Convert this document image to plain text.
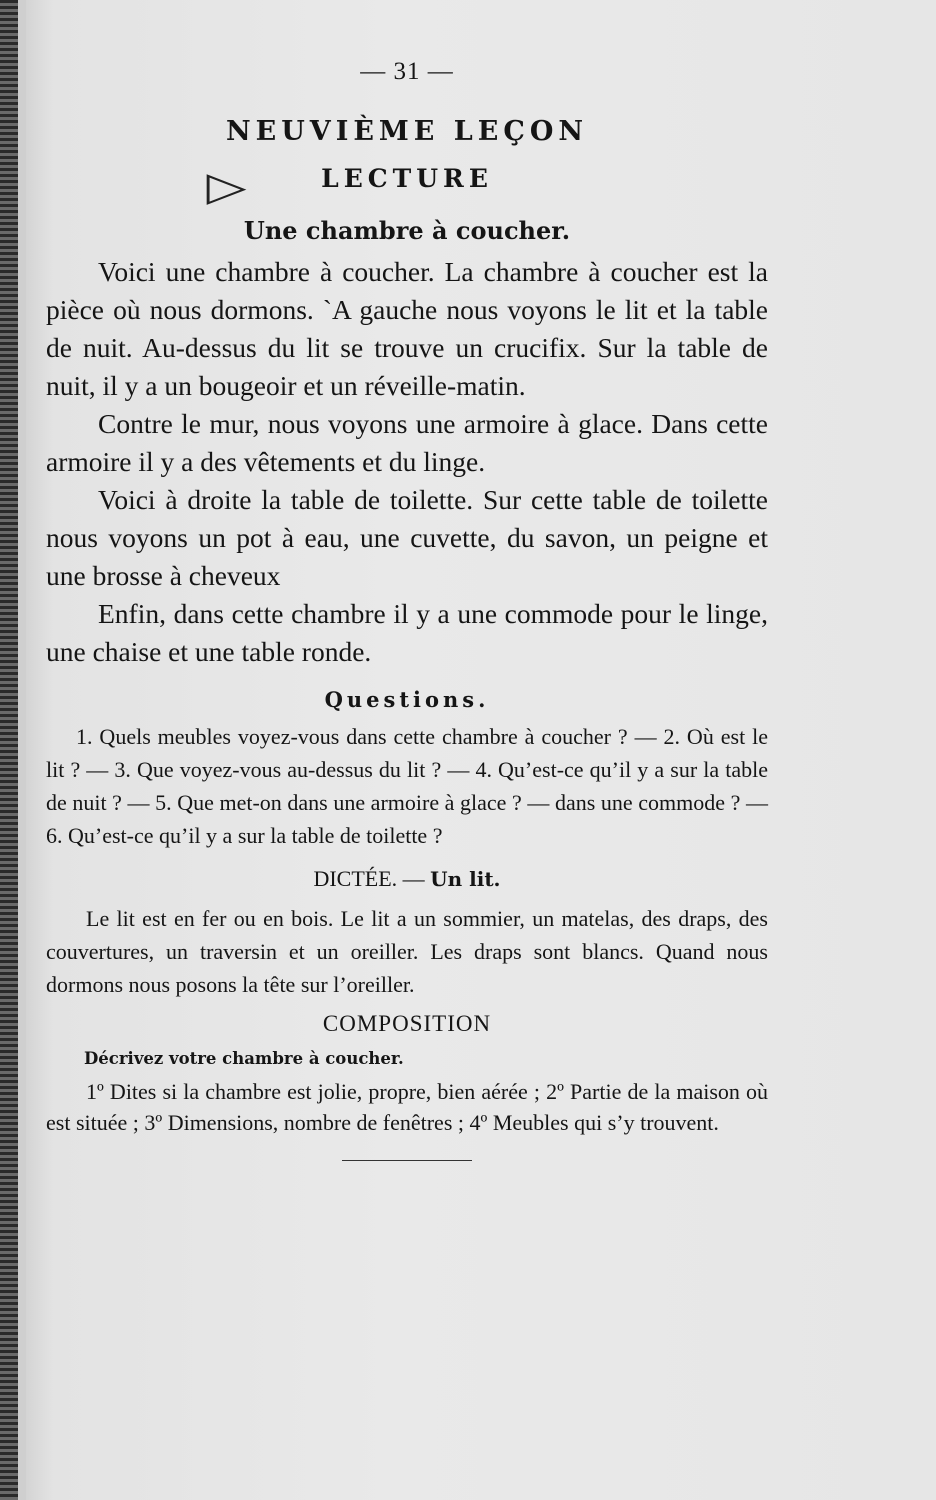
— 31 —

NEUVIÈME LEÇON
▷	LECTURE
Une chambre à coucher.

Voici une chambre à coucher. La chambre à coucher est la pièce où nous dormons. `A gauche nous voyons le lit et la table de nuit. Au-dessus du lit se trouve un crucifix. Sur la table de nuit, il y a un bougeoir et un réveille-matin.

Contre le mur, nous voyons une armoire à glace. Dans cette armoire il y a des vêtements et du linge.

Voici à droite la table de toilette. Sur cette table de toilette nous voyons un pot à eau, une cuvette, du savon, un peigne et une brosse à cheveux

Enfin, dans cette chambre il y a une commode pour le linge, une chaise et une table ronde.

Questions.

1. Quels meubles voyez-vous dans cette chambre à coucher ? — 2. Où est le lit ? — 3. Que voyez-vous au-dessus du lit ? — 4. Qu’est-ce qu’il y a sur la table de nuit ? — 5. Que met-on dans une armoire à glace ? — dans une commode ? — 6. Qu’est-ce qu’il y a sur la table de toilette ?

DICTÉE. — Un lit.

Le lit est en fer ou en bois. Le lit a un sommier, un matelas, des draps, des couvertures, un traversin et un oreiller. Les draps sont blancs. Quand nous dormons nous posons la tête sur l’oreiller.

COMPOSITION
Décrivez votre chambre à coucher.

1º Dites si la chambre est jolie, propre, bien aérée ; 2º Partie de la maison où est située ; 3º Dimensions, nombre de fenêtres ; 4º Meubles qui s’y trouvent.
